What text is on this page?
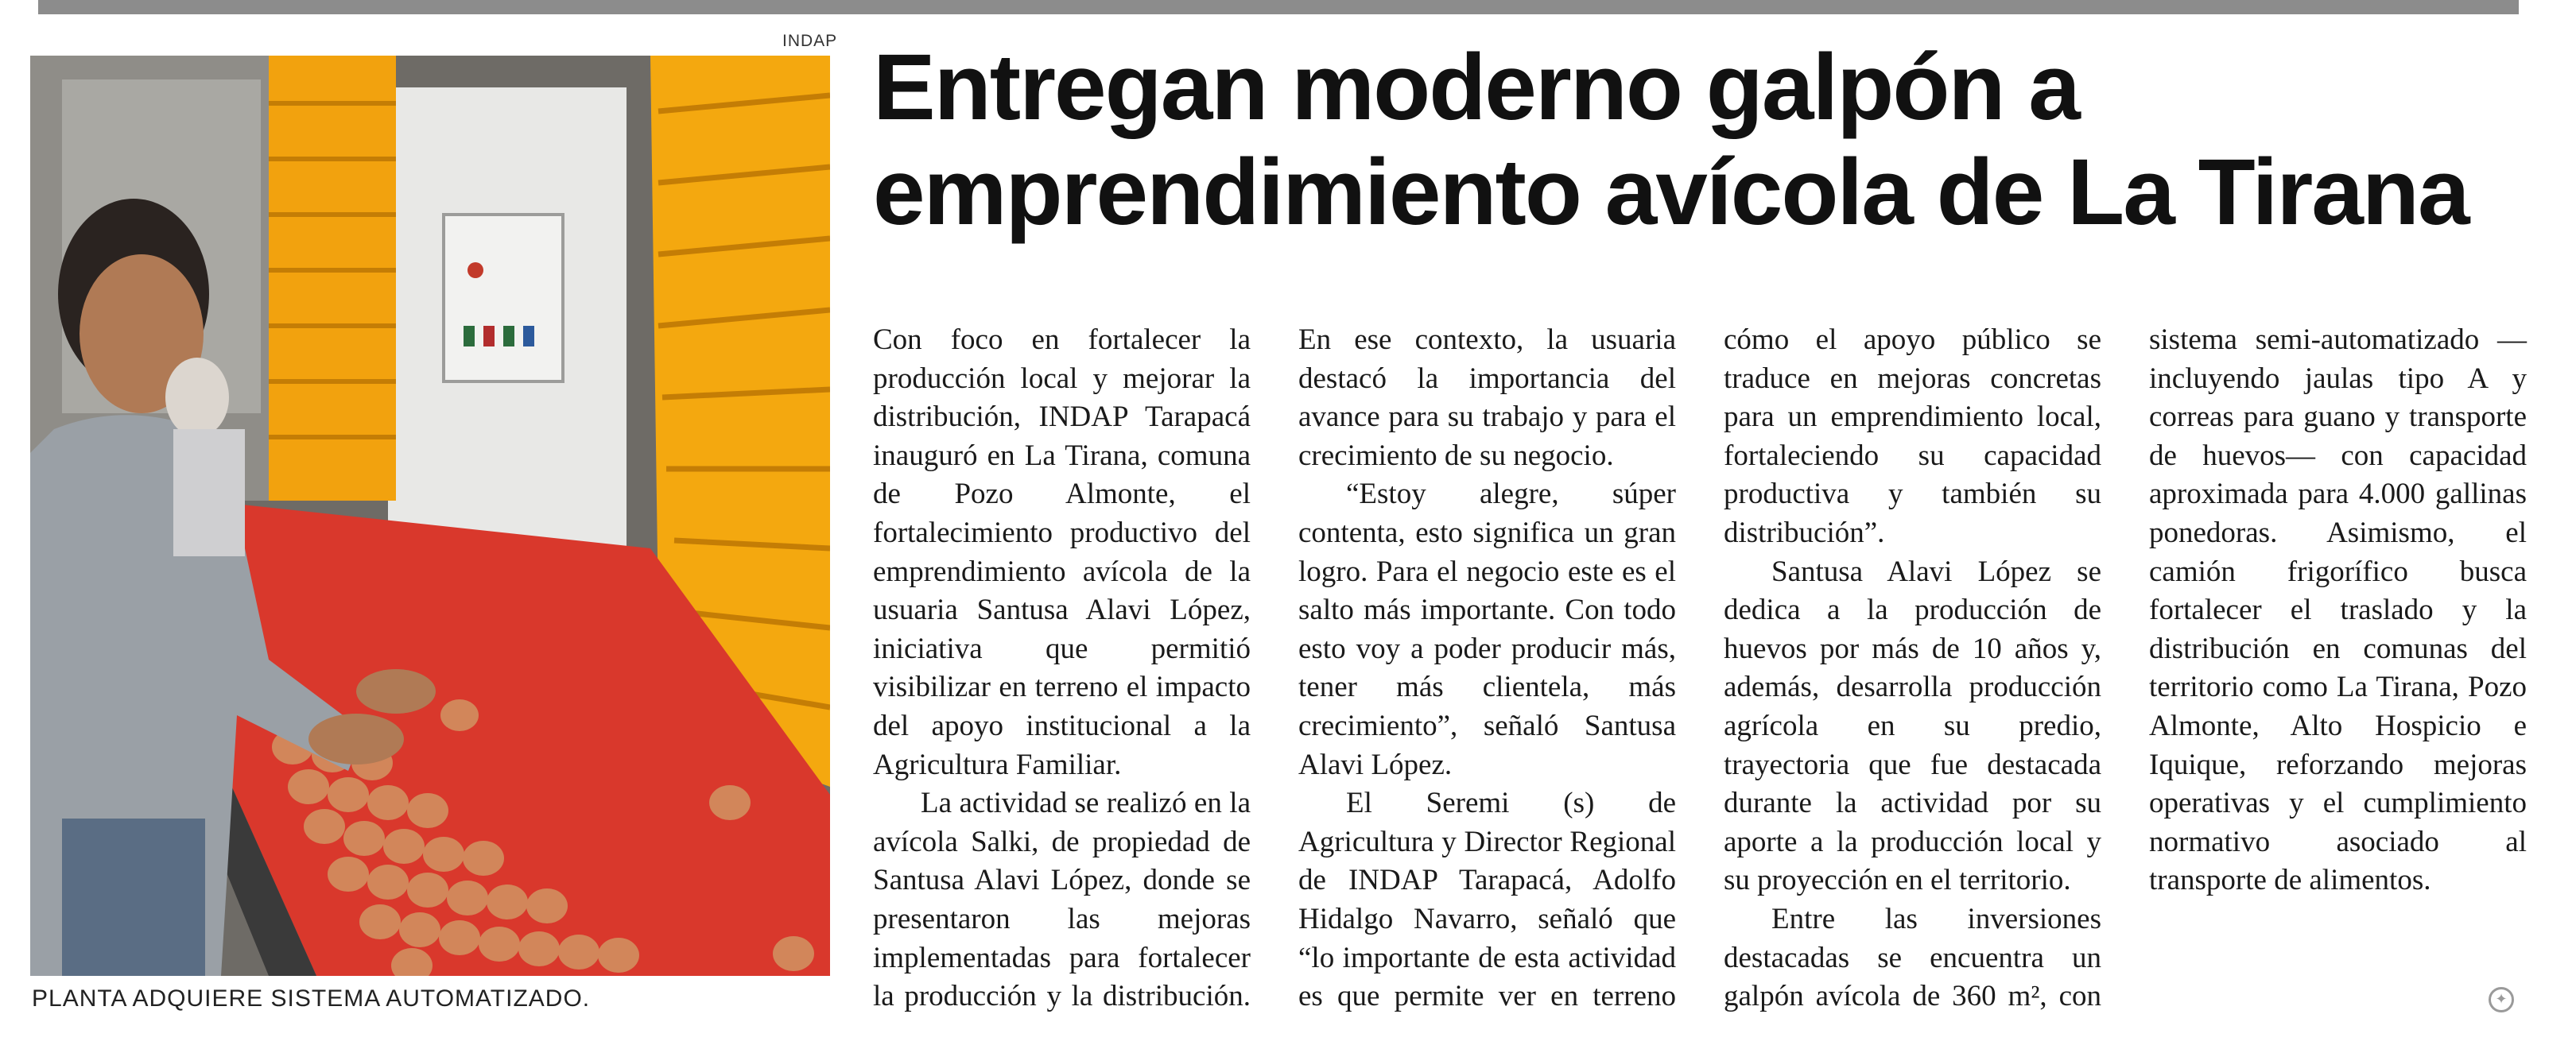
INDAP
PLANTA ADQUIERE SISTEMA AUTOMATIZADO.
Entregan moderno galpón a emprendimiento avícola de La Tirana

Con foco en fortalecer la producción local y mejorar la distribución, INDAP Tarapacá inauguró en La Tirana, comuna de Pozo Almonte, el fortalecimiento productivo del emprendimiento avícola de la usuaria Santusa Alavi López, iniciativa que permitió visibilizar en terreno el impacto del apoyo institucional a la Agricultura Familiar.

La actividad se realizó en la avícola Salki, de propiedad de Santusa Alavi López, donde se presentaron las mejoras implementadas para fortalecer la producción y la distribución. En ese contexto, la usuaria destacó la importancia del avance para su trabajo y para el crecimiento de su negocio.

“Estoy alegre, súper contenta, esto significa un gran logro. Para el negocio este es el salto más importante. Con todo esto voy a poder producir más, tener más clientela, más crecimiento”, señaló Santusa Alavi López.

El Seremi (s) de Agricultura y Director Regional de INDAP Tarapacá, Adolfo Hidalgo Navarro, señaló que “lo importante de esta actividad es que permite ver en terreno cómo el apoyo público se traduce en mejoras concretas para un emprendimiento local, fortaleciendo su capacidad productiva y también su distribución”.

Santusa Alavi López se dedica a la producción de huevos por más de 10 años y, además, desarrolla producción agrícola en su predio, trayectoria que fue destacada durante la actividad por su aporte a la producción local y su proyección en el territorio.

Entre las inversiones destacadas se encuentra un galpón avícola de 360 m², con sistema semi-automatizado —incluyendo jaulas tipo A y correas para guano y transporte de huevos— con capacidad aproximada para 4.000 gallinas ponedoras. Asimismo, el camión frigorífico busca fortalecer el traslado y la distribución en comunas del territorio como La Tirana, Pozo Almonte, Alto Hospicio e Iquique, reforzando mejoras operativas y el cumplimiento normativo asociado al transporte de alimentos.

✦
